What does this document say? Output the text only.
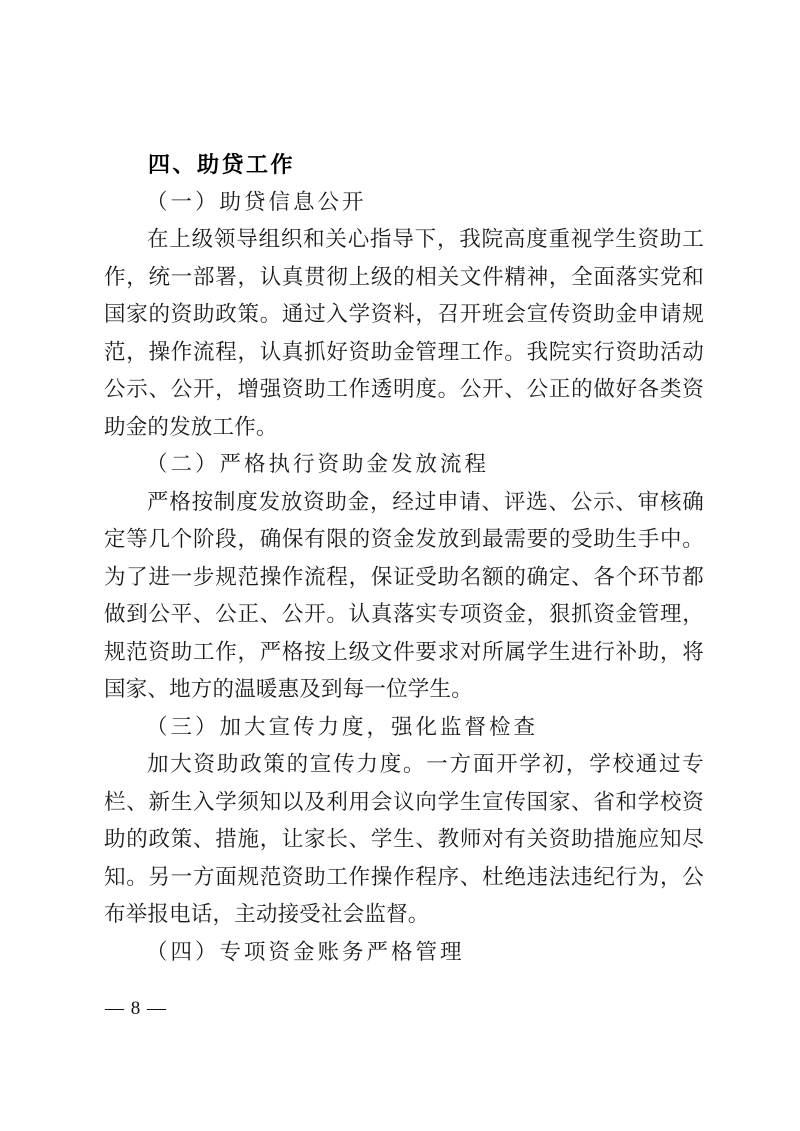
四、助贷工作
（一）助贷信息公开

在上级领导组织和关心指导下，我院高度重视学生资助工作，统一部署，认真贯彻上级的相关文件精神，全面落实党和国家的资助政策。通过入学资料，召开班会宣传资助金申请规范，操作流程，认真抓好资助金管理工作。我院实行资助活动公示、公开，增强资助工作透明度。公开、公正的做好各类资助金的发放工作。

（二）严格执行资助金发放流程

严格按制度发放资助金，经过申请、评选、公示、审核确定等几个阶段，确保有限的资金发放到最需要的受助生手中。为了进一步规范操作流程，保证受助名额的确定、各个环节都做到公平、公正、公开。认真落实专项资金，狠抓资金管理，规范资助工作，严格按上级文件要求对所属学生进行补助，将国家、地方的温暖惠及到每一位学生。

（三）加大宣传力度，强化监督检查

加大资助政策的宣传力度。一方面开学初，学校通过专栏、新生入学须知以及利用会议向学生宣传国家、省和学校资助的政策、措施，让家长、学生、教师对有关资助措施应知尽知。另一方面规范资助工作操作程序、杜绝违法违纪行为，公布举报电话，主动接受社会监督。

（四）专项资金账务严格管理
— 8 —
